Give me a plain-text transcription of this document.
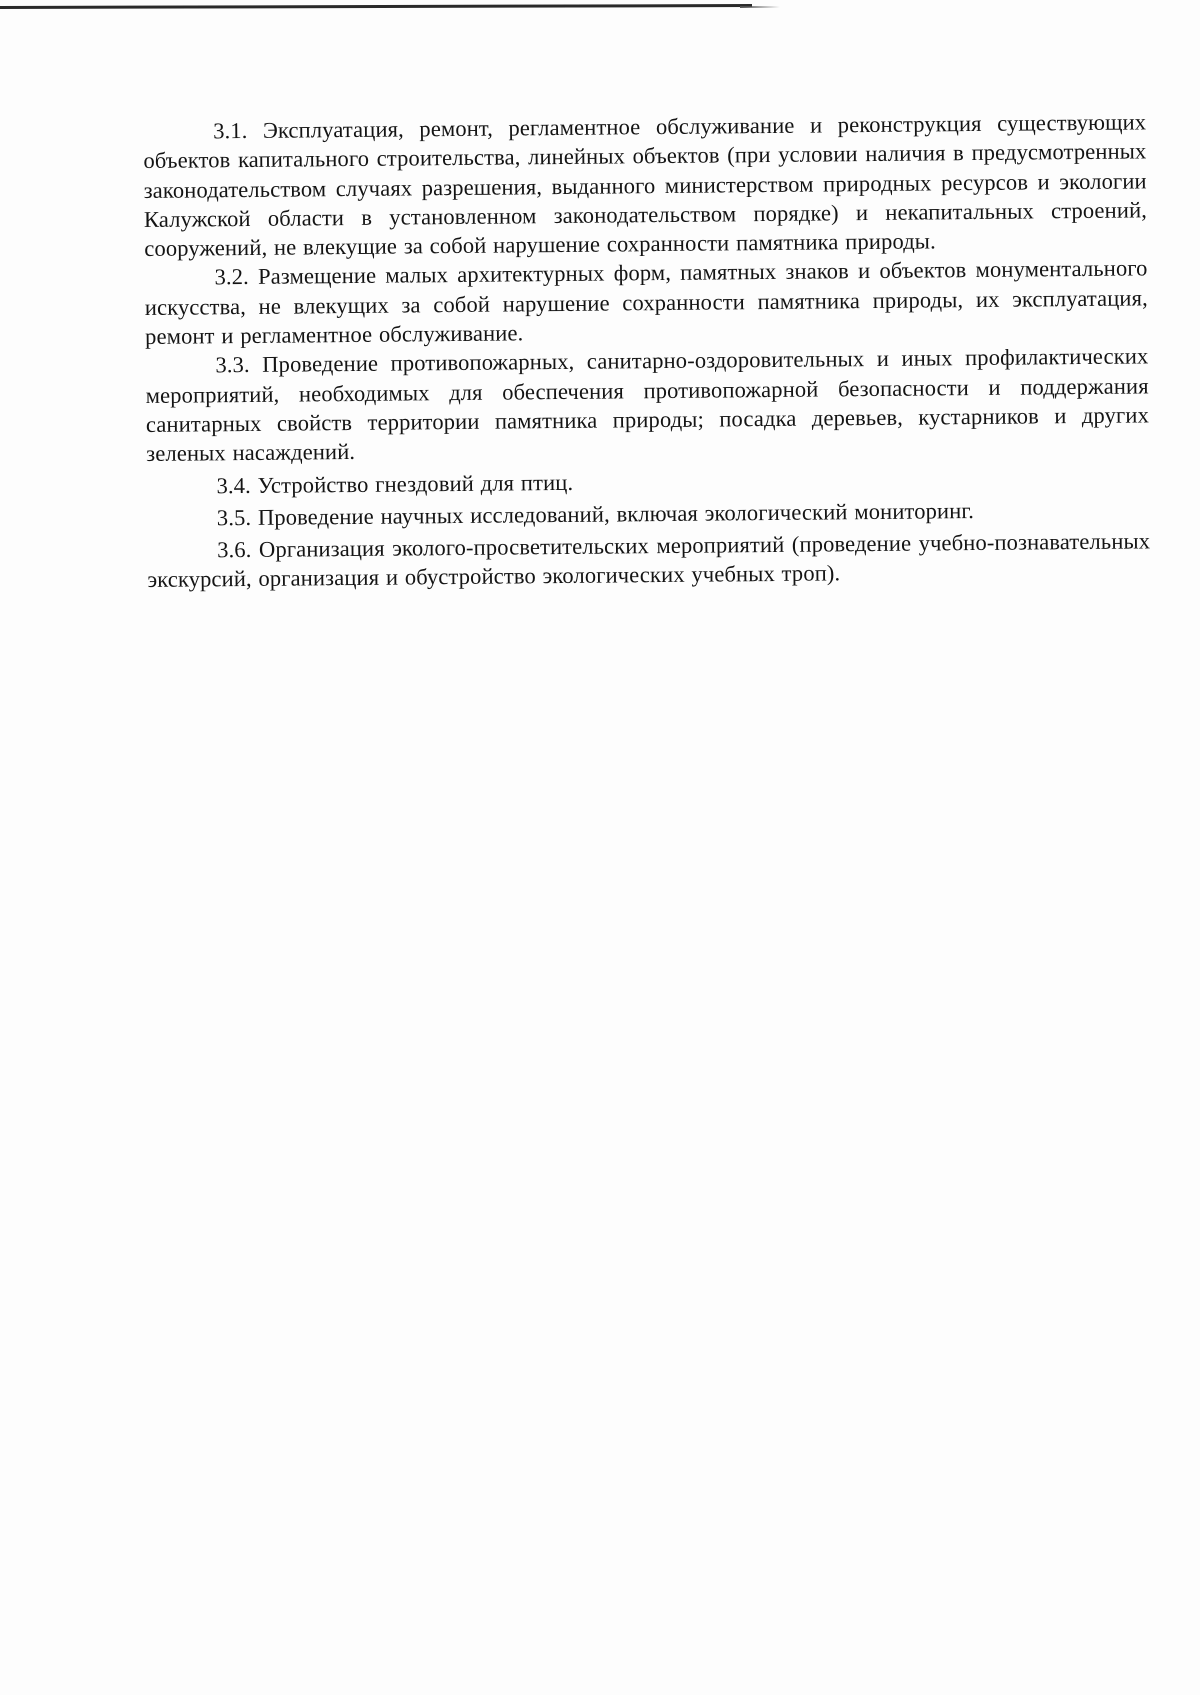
3.1. Эксплуатация, ремонт, регламентное обслуживание и реконструкция существующих объектов капитального строительства, линейных объектов (при условии наличия в предусмотренных законодательством случаях разрешения, выданного министерством природных ресурсов и экологии Калужской области в установленном законодательством порядке) и некапитальных строений, сооружений, не влекущие за собой нарушение сохранности памятника природы.

3.2. Размещение малых архитектурных форм, памятных знаков и объектов монументального искусства, не влекущих за собой нарушение сохранности памятника природы, их эксплуатация, ремонт и регламентное обслуживание.

3.3. Проведение противопожарных, санитарно-оздоровительных и иных профилактических мероприятий, необходимых для обеспечения противопожарной безопасности и поддержания санитарных свойств территории памятника природы; посадка деревьев, кустарников и других зеленых насаждений.

3.4. Устройство гнездовий для птиц.

3.5. Проведение научных исследований, включая экологический мониторинг.

3.6. Организация эколого-просветительских мероприятий (проведение учебно-познавательных экскурсий, организация и обустройство экологических учебных троп).
